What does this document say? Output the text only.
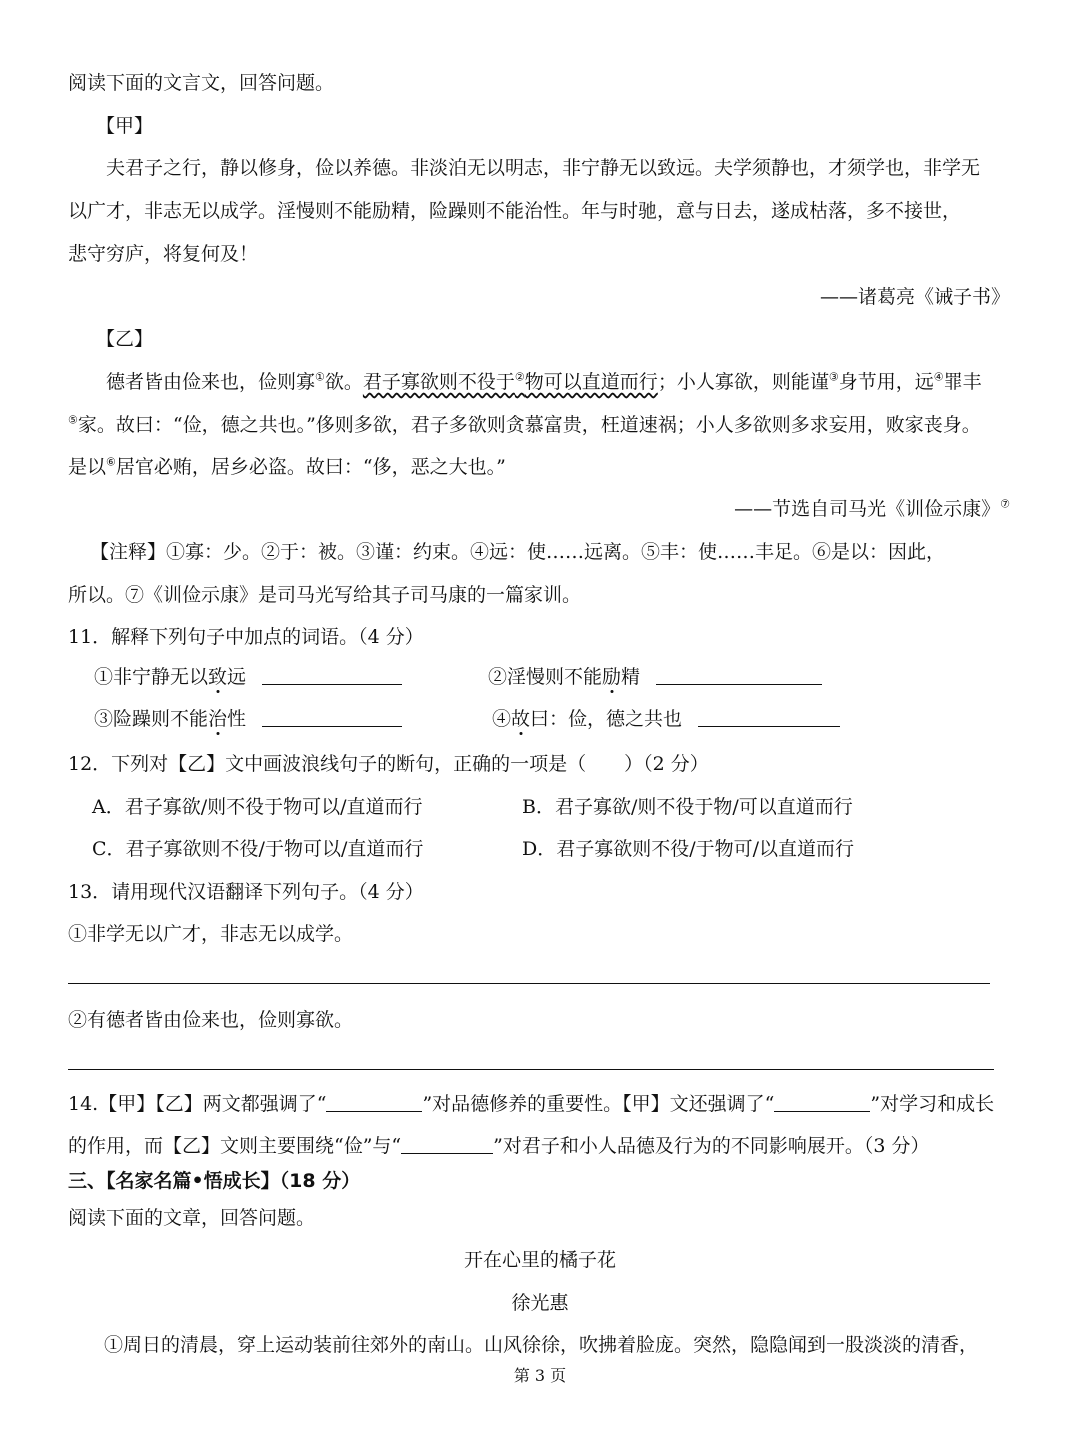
阅读下面的文言文，回答问题。
【甲】
夫君子之行，静以修身，俭以养德。非淡泊无以明志，非宁静无以致远。夫学须静也，才须学也，非学无
以广才，非志无以成学。淫慢则不能励精，险躁则不能治性。年与时驰，意与日去，遂成枯落，多不接世，
悲守穷庐，将复何及！
——诸葛亮《诫子书》
【乙】
德者皆由俭来也，俭则寡①欲。君子寡欲则不役于②物可以直道而行；小人寡欲，则能谨③身节用，远④罪丰
⑤家。故曰：“俭，德之共也。”侈则多欲，君子多欲则贪慕富贵，枉道速祸；小人多欲则多求妄用，败家丧身。
是以⑥居官必贿，居乡必盗。故曰：“侈，恶之大也。”
——节选自司马光《训俭示康》⑦
【注释】①寡：少。②于：被。③谨：约束。④远：使……远离。⑤丰：使……丰足。⑥是以：因此，
所以。⑦《训俭示康》是司马光写给其子司马康的一篇家训。
11．解释下列句子中加点的词语。（4 分）
①非宁静无以致远	②淫慢则不能励精
③险躁则不能治性	④故曰：俭，德之共也
12．下列对【乙】文中画波浪线句子的断句，正确的一项是（　　）（2 分）
A．君子寡欲/则不役于物可以/直道而行	B．君子寡欲/则不役于物/可以直道而行
C．君子寡欲则不役/于物可以/直道而行	D．君子寡欲则不役/于物可/以直道而行
13．请用现代汉语翻译下列句子。（4 分）
①非学无以广才，非志无以成学。
②有德者皆由俭来也，俭则寡欲。
14.【甲】【乙】两文都强调了“	”对品德修养的重要性。【甲】文还强调了“	”对学习和成长
的作用，而【乙】文则主要围绕“俭”与“	”对君子和小人品德及行为的不同影响展开。（3 分）
三、【名家名篇•悟成长】（18 分）
阅读下面的文章，回答问题。
开在心里的橘子花
徐光惠
①周日的清晨，穿上运动装前往郊外的南山。山风徐徐，吹拂着脸庞。突然，隐隐闻到一股淡淡的清香，
第 3 页
